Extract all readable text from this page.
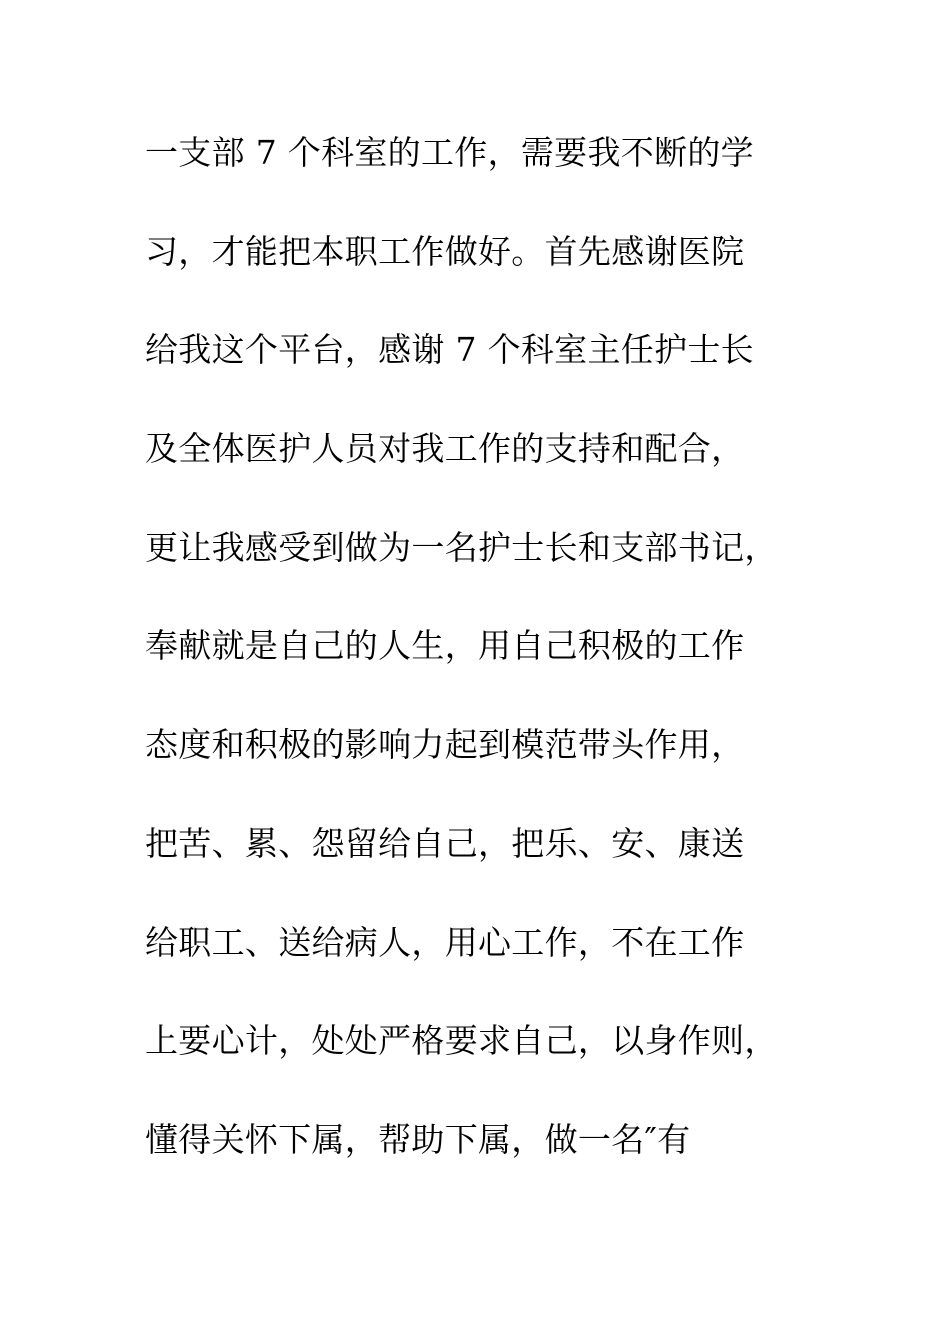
一支部 7 个科室的工作，需要我不断的学
习，才能把本职工作做好。首先感谢医院
给我这个平台，感谢 7 个科室主任护士长
及全体医护人员对我工作的支持和配合，
更让我感受到做为一名护士长和支部书记，
奉献就是自己的人生，用自己积极的工作
态度和积极的影响力起到模范带头作用，
把苦、累、怨留给自己，把乐、安、康送
给职工、送给病人，用心工作，不在工作
上要心计，处处严格要求自己，以身作则，
懂得关怀下属，帮助下属，做一名″有
